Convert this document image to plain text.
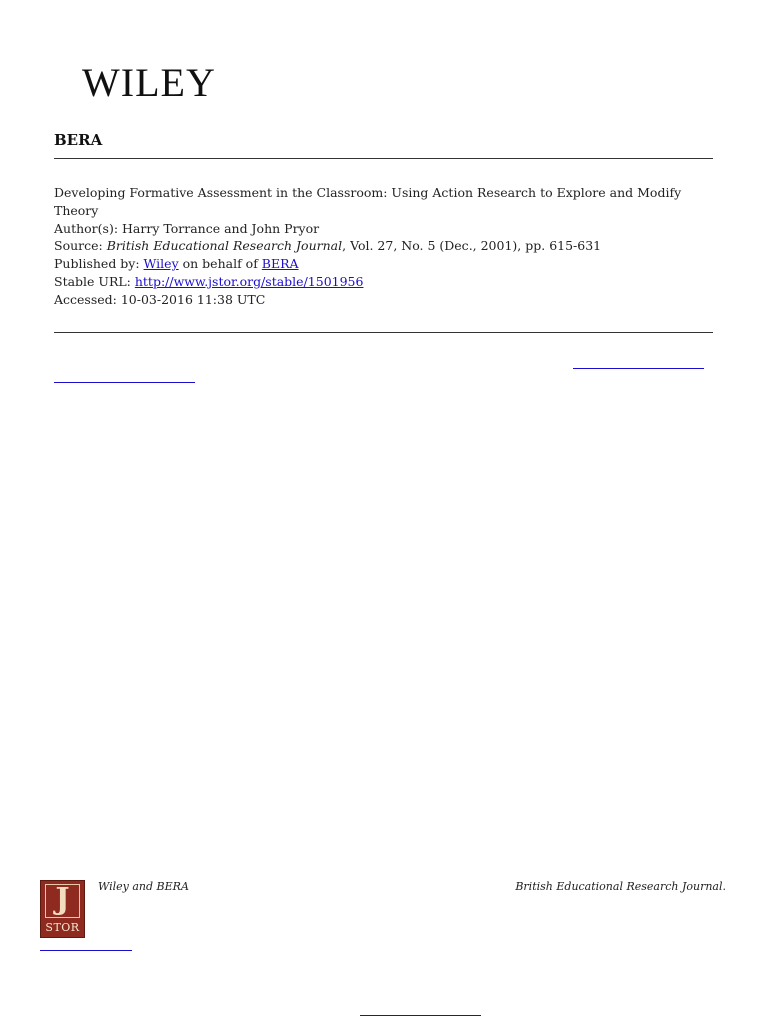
WILEY
BERA
Developing Formative Assessment in the Classroom: Using Action Research to Explore and Modify Theory
Author(s): Harry Torrance and John Pryor
Source: British Educational Research Journal, Vol. 27, No. 5 (Dec., 2001), pp. 615-631
Published by: Wiley on behalf of BERA
Stable URL: http://www.jstor.org/stable/1501956
Accessed: 10-03-2016 11:38 UTC
J
STOR
Wiley and BERA	British Educational Research Journal.
